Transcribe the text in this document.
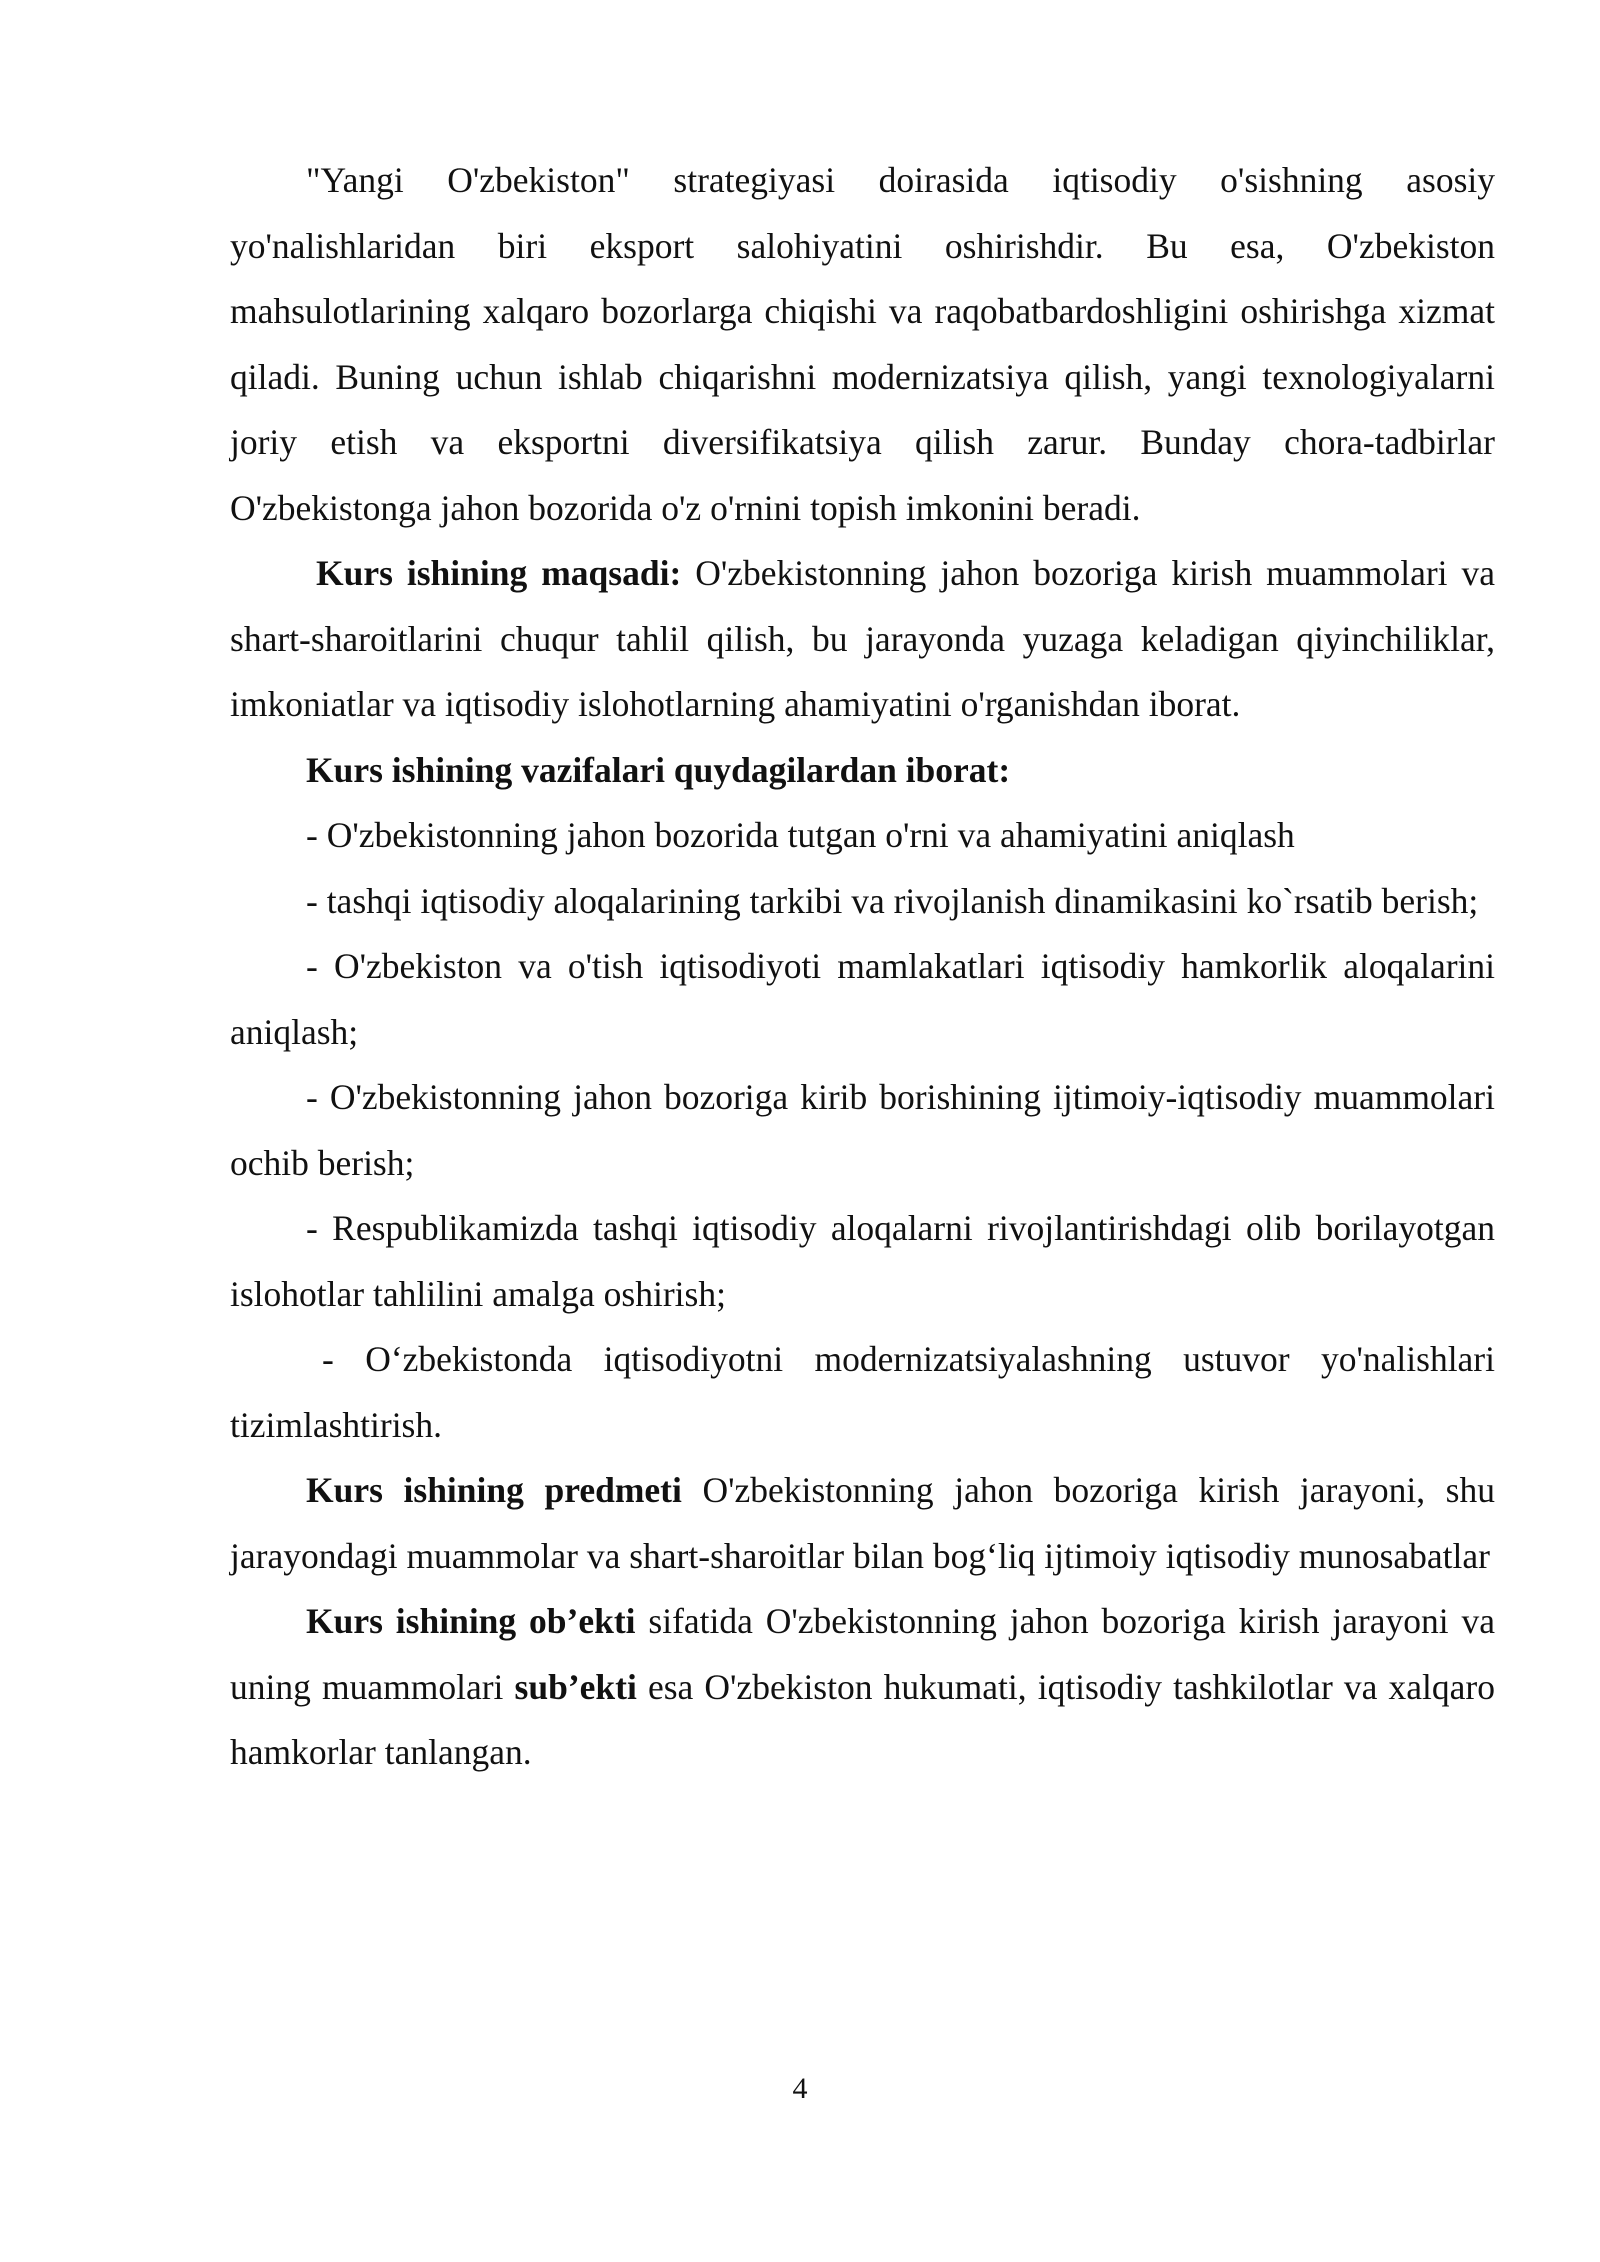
"Yangi O'zbekiston" strategiyasi doirasida iqtisodiy o'sishning asosiy yo'nalishlaridan biri eksport salohiyatini oshirishdir. Bu esa, O'zbekiston mahsulotlarining xalqaro bozorlarga chiqishi va raqobatbardoshligini oshirishga xizmat qiladi. Buning uchun ishlab chiqarishni modernizatsiya qilish, yangi texnologiyalarni joriy etish va eksportni diversifikatsiya qilish zarur. Bunday chora-tadbirlar O'zbekistonga jahon bozorida o'z o'rnini topish imkonini beradi.

Kurs ishining maqsadi: O'zbekistonning jahon bozoriga kirish muammolari va shart-sharoitlarini chuqur tahlil qilish, bu jarayonda yuzaga keladigan qiyinchiliklar, imkoniatlar va iqtisodiy islohotlarning ahamiyatini o'rganishdan iborat.

Kurs ishining vazifalari quydagilardan iborat:

- O'zbekistonning jahon bozorida tutgan o'rni va ahamiyatini aniqlash

- tashqi iqtisodiy aloqalarining tarkibi va rivojlanish dinamikasini ko`rsatib berish;

- O'zbekiston va o'tish iqtisodiyoti mamlakatlari iqtisodiy hamkorlik aloqalarini aniqlash;

- O'zbekistonning jahon bozoriga kirib borishining ijtimoiy-iqtisodiy muammolari ochib berish;

- Respublikamizda tashqi iqtisodiy aloqalarni rivojlantirishdagi olib borilayotgan islohotlar tahlilini amalga oshirish;

- O‘zbekistonda iqtisodiyotni modernizatsiyalashning ustuvor yo'nalishlari tizimlashtirish.

Kurs ishining predmeti O'zbekistonning jahon bozoriga kirish jarayoni, shu jarayondagi muammolar va shart-sharoitlar bilan bog‘liq ijtimoiy iqtisodiy munosabatlar

Kurs ishining ob’ekti sifatida O'zbekistonning jahon bozoriga kirish jarayoni va uning muammolari sub’ekti esa O'zbekiston hukumati, iqtisodiy tashkilotlar va xalqaro hamkorlar tanlangan.

4
